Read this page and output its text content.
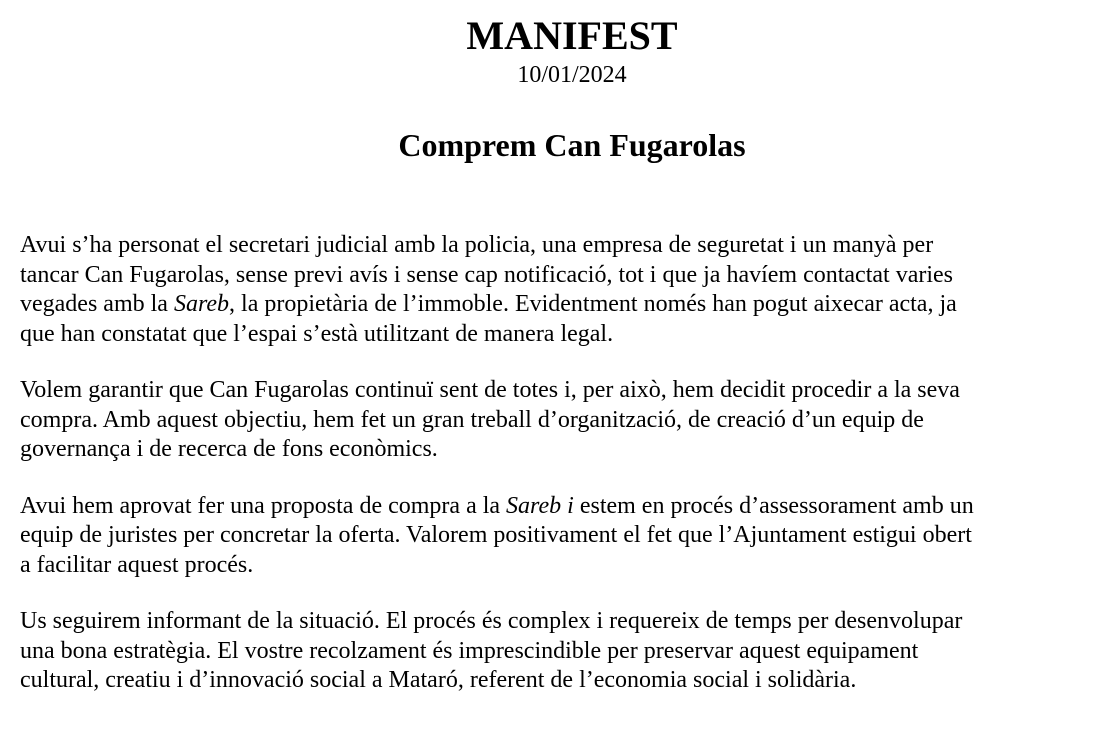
MANIFEST
10/01/2024
Comprem Can Fugarolas

Avui s’ha personat el secretari judicial amb la policia, una empresa de seguretat i un manyà per
tancar Can Fugarolas, sense previ avís i sense cap notificació, tot i que ja havíem contactat varies
vegades amb la Sareb, la propietària de l’immoble. Evidentment només han pogut aixecar acta, ja
que han constatat que l’espai s’està utilitzant de manera legal.

Volem garantir que Can Fugarolas continuï sent de totes i, per això, hem decidit procedir a la seva
compra. Amb aquest objectiu, hem fet un gran treball d’organització, de creació d’un equip de
governança i de recerca de fons econòmics.

Avui hem aprovat fer una proposta de compra a la Sareb i estem en procés d’assessorament amb un
equip de juristes per concretar la oferta. Valorem positivament el fet que l’Ajuntament estigui obert
a facilitar aquest procés.

Us seguirem informant de la situació. El procés és complex i requereix de temps per desenvolupar
una bona estratègia. El vostre recolzament és imprescindible per preservar aquest equipament
cultural, creatiu i d’innovació social a Mataró, referent de l’economia social i solidària.
